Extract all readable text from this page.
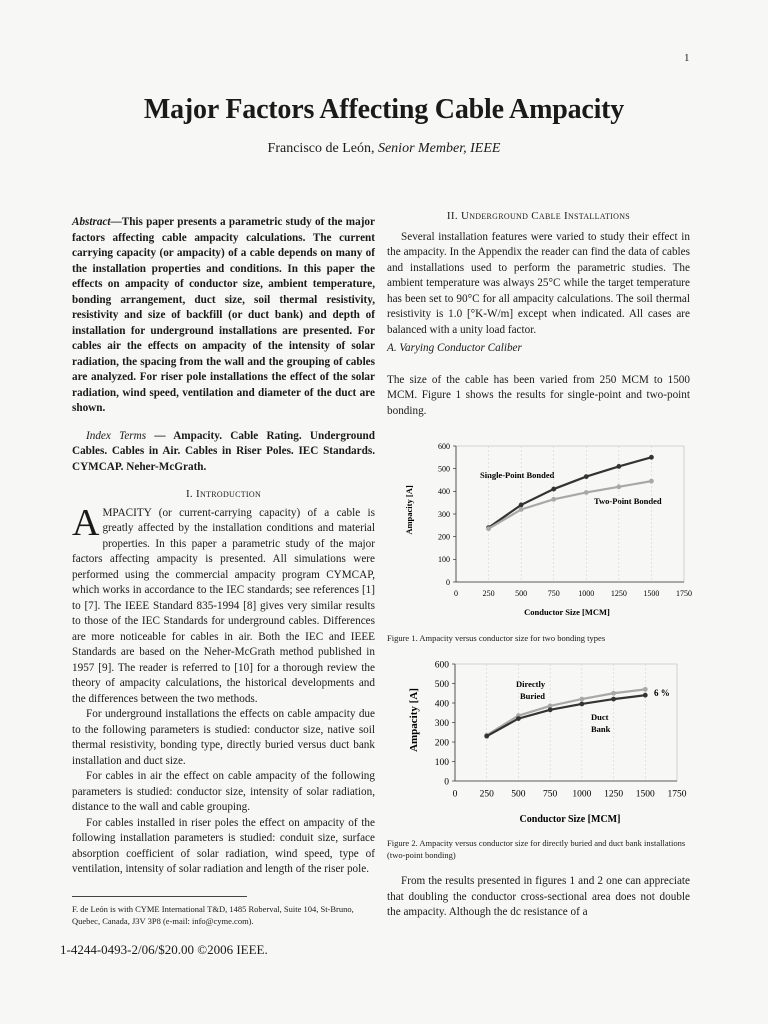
1
Major Factors Affecting Cable Ampacity
Francisco de León, Senior Member, IEEE

Abstract—This paper presents a parametric study of the major factors affecting cable ampacity calculations. The current carrying capacity (or ampacity) of a cable depends on many of the installation properties and conditions. In this paper the effects on ampacity of conductor size, ambient temperature, bonding arrangement, duct size, soil thermal resistivity, resistivity and size of backfill (or duct bank) and depth of installation for underground installations are presented. For cables air the effects on ampacity of the intensity of solar radiation, the spacing from the wall and the grouping of cables are analyzed. For riser pole installations the effect of the solar radiation, wind speed, ventilation and diameter of the duct are shown.

Index Terms — Ampacity. Cable Rating. Underground Cables. Cables in Air. Cables in Riser Poles. IEC Standards. CYMCAP. Neher-McGrath.

I. Introduction

AMPACITY (or current-carrying capacity) of a cable is greatly affected by the installation conditions and material properties. In this paper a parametric study of the major factors affecting ampacity is presented. All simulations were performed using the commercial ampacity program CYMCAP, which works in accordance to the IEC standards; see references [1] to [7]. The IEEE Standard 835-1994 [8] gives very similar results to those of the IEC Standards for underground cables. Differences are more noticeable for cables in air. Both the IEC and IEEE Standards are based on the Neher-McGrath method published in 1957 [9]. The reader is referred to [10] for a thorough review the theory of ampacity calculations, the historical developments and the differences between the two methods.

For underground installations the effects on cable ampacity due to the following parameters is studied: conductor size, native soil thermal resistivity, bonding type, directly buried versus duct bank installation and duct size.

For cables in air the effect on cable ampacity of the following parameters is studied: conductor size, intensity of solar radiation, distance to the wall and cable grouping.

For cables installed in riser poles the effect on ampacity of the following installation parameters is studied: conduit size, surface absorption coefficient of solar radiation, wind speed, type of ventilation, intensity of solar radiation and length of the riser pole.

F. de León is with CYME International T&D, 1485 Roberval, Suite 104, St-Bruno, Quebec, Canada, J3V 3P8 (e-mail: info@cyme.com).
1-4244-0493-2/06/$20.00 ©2006 IEEE.

II. Underground Cable Installations

Several installation features were varied to study their effect in the ampacity. In the Appendix the reader can find the data of cables and installations used to perform the parametric studies. The ambient temperature was always 25°C while the target temperature has been set to 90°C for all ampacity calculations. The soil thermal resistivity is 1.0 [°K-W/m] except when indicated. All cases are balanced with a unity load factor.

A. Varying Conductor Caliber

The size of the cable has been varied from 250 MCM to 1500 MCM. Figure 1 shows the results for single-point and two-point bonding.

Ampacity [A]
Conductor Size [MCM]
Single-Point Bonded
Two-Point Bonded
0	250	500	750 1000 1250 1500 1750
0
100
200
300
400
500
600
Figure 1. Ampacity versus conductor size for two bonding types
Ampacity [A]
Conductor Size [MCM]
Directly
Buried
Duct
Bank
6 %
0 250 500 750 1000 1250 1500 1750
0
100
200
300
400
500
600
Figure 2. Ampacity versus conductor size for directly buried and duct bank installations (two-point bonding)

From the results presented in figures 1 and 2 one can appreciate that doubling the conductor cross-sectional area does not double the ampacity. Although the dc resistance of a
